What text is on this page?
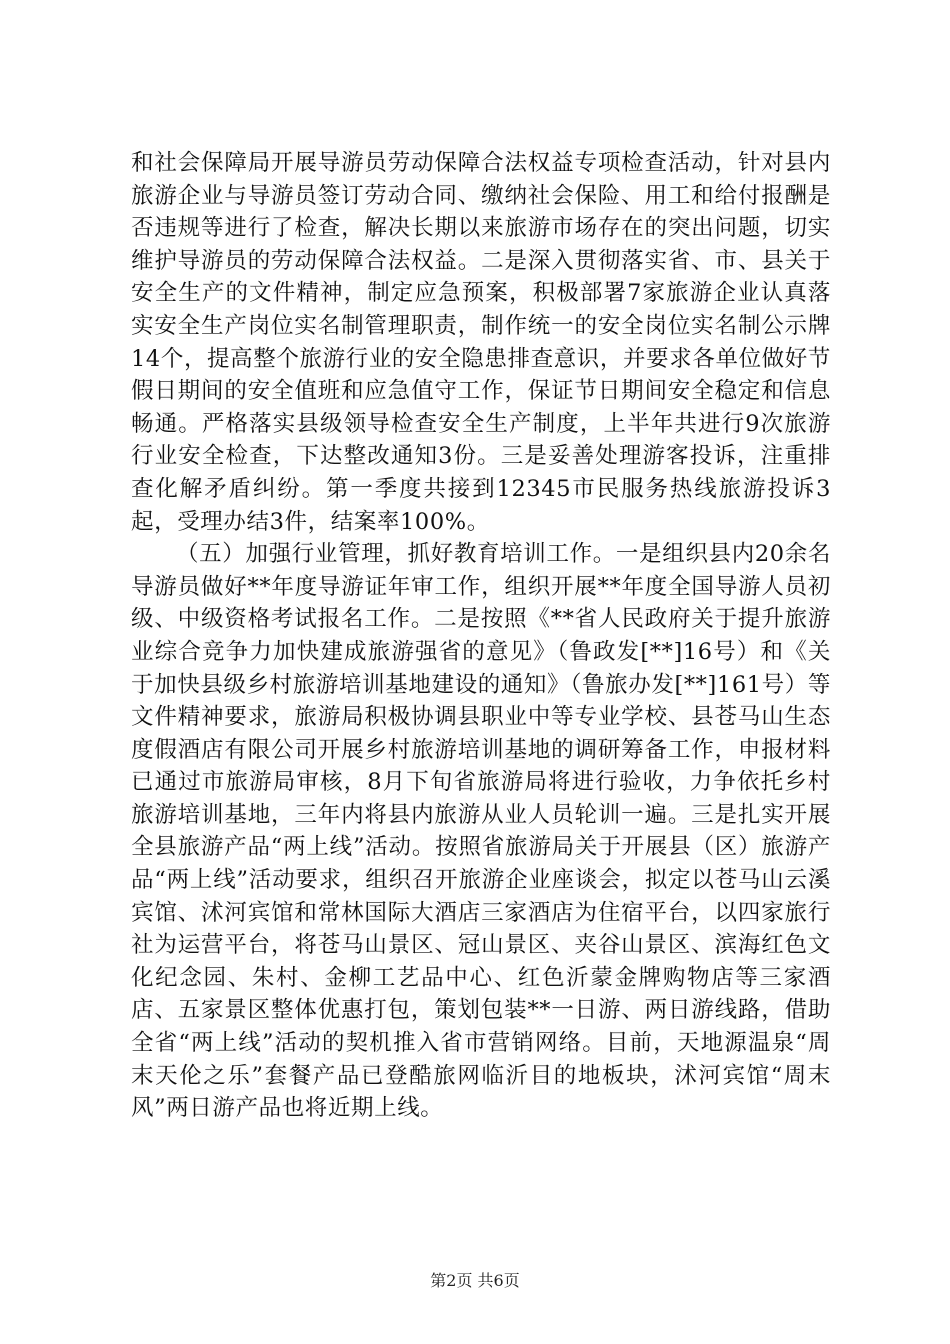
和社会保障局开展导游员劳动保障合法权益专项检查活动，针对县内旅游企业与导游员签订劳动合同、缴纳社会保险、用工和给付报酬是否违规等进行了检查，解决长期以来旅游市场存在的突出问题，切实维护导游员的劳动保障合法权益。二是深入贯彻落实省、市、县关于安全生产的文件精神，制定应急预案，积极部署7家旅游企业认真落实安全生产岗位实名制管理职责，制作统一的安全岗位实名制公示牌14个，提高整个旅游行业的安全隐患排查意识，并要求各单位做好节假日期间的安全值班和应急值守工作，保证节日期间安全稳定和信息畅通。严格落实县级领导检查安全生产制度，上半年共进行9次旅游行业安全检查，下达整改通知3份。三是妥善处理游客投诉，注重排查化解矛盾纠纷。第一季度共接到12345市民服务热线旅游投诉3起，受理办结3件，结案率100%。

（五）加强行业管理，抓好教育培训工作。一是组织县内20余名导游员做好**年度导游证年审工作，组织开展**年度全国导游人员初级、中级资格考试报名工作。二是按照《**省人民政府关于提升旅游业综合竞争力加快建成旅游强省的意见》（鲁政发[**]16号）和《关于加快县级乡村旅游培训基地建设的通知》（鲁旅办发[**]161号）等文件精神要求，旅游局积极协调县职业中等专业学校、县苍马山生态度假酒店有限公司开展乡村旅游培训基地的调研筹备工作，申报材料已通过市旅游局审核，8月下旬省旅游局将进行验收，力争依托乡村旅游培训基地，三年内将县内旅游从业人员轮训一遍。三是扎实开展全县旅游产品“两上线”活动。按照省旅游局关于开展县（区）旅游产品“两上线”活动要求，组织召开旅游企业座谈会，拟定以苍马山云溪宾馆、沭河宾馆和常林国际大酒店三家酒店为住宿平台，以四家旅行社为运营平台，将苍马山景区、冠山景区、夹谷山景区、滨海红色文化纪念园、朱村、金柳工艺品中心、红色沂蒙金牌购物店等三家酒店、五家景区整体优惠打包，策划包装**一日游、两日游线路，借助全省“两上线”活动的契机推入省市营销网络。目前，天地源温泉“周末天伦之乐”套餐产品已登酷旅网临沂目的地板块，沭河宾馆“周末风”两日游产品也将近期上线。

第2页 共6页
